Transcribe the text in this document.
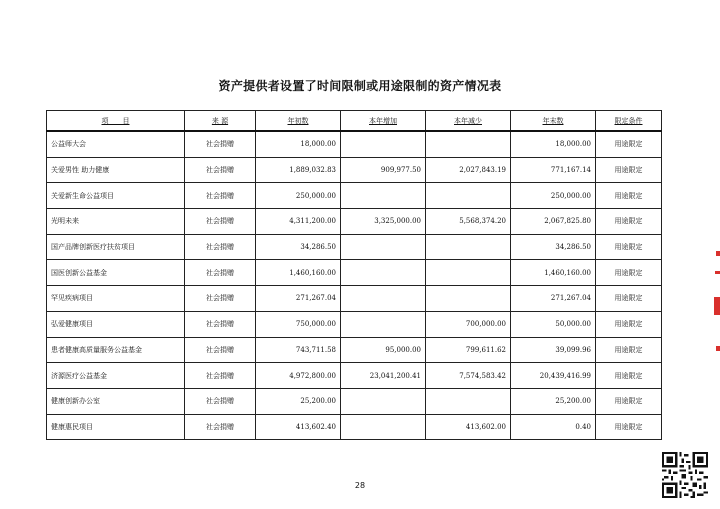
资产提供者设置了时间限制或用途限制的资产情况表
项　　目	来 源	年初数	本年增加	本年减少	年末数	限定条件
公益师大会	社会捐赠	18,000.00			18,000.00	用途限定
关爱男性 助力健康	社会捐赠	1,889,032.83	909,977.50	2,027,843.19	771,167.14	用途限定
关爱新生命公益项目	社会捐赠	250,000.00			250,000.00	用途限定
光明未来	社会捐赠	4,311,200.00	3,325,000.00	5,568,374.20	2,067,825.80	用途限定
国产品牌创新医疗扶贫项目	社会捐赠	34,286.50			34,286.50	用途限定
国医创新公益基金	社会捐赠	1,460,160.00			1,460,160.00	用途限定
罕见疾病项目	社会捐赠	271,267.04			271,267.04	用途限定
弘爱健康项目	社会捐赠	750,000.00		700,000.00	50,000.00	用途限定
患者健康高质量服务公益基金	社会捐赠	743,711.58	95,000.00	799,611.62	39,099.96	用途限定
济源医疗公益基金	社会捐赠	4,972,800.00	23,041,200.41	7,574,583.42	20,439,416.99	用途限定
健康创新办公室	社会捐赠	25,200.00			25,200.00	用途限定
健康惠民项目	社会捐赠	413,602.40		413,602.00	0.40	用途限定
28
